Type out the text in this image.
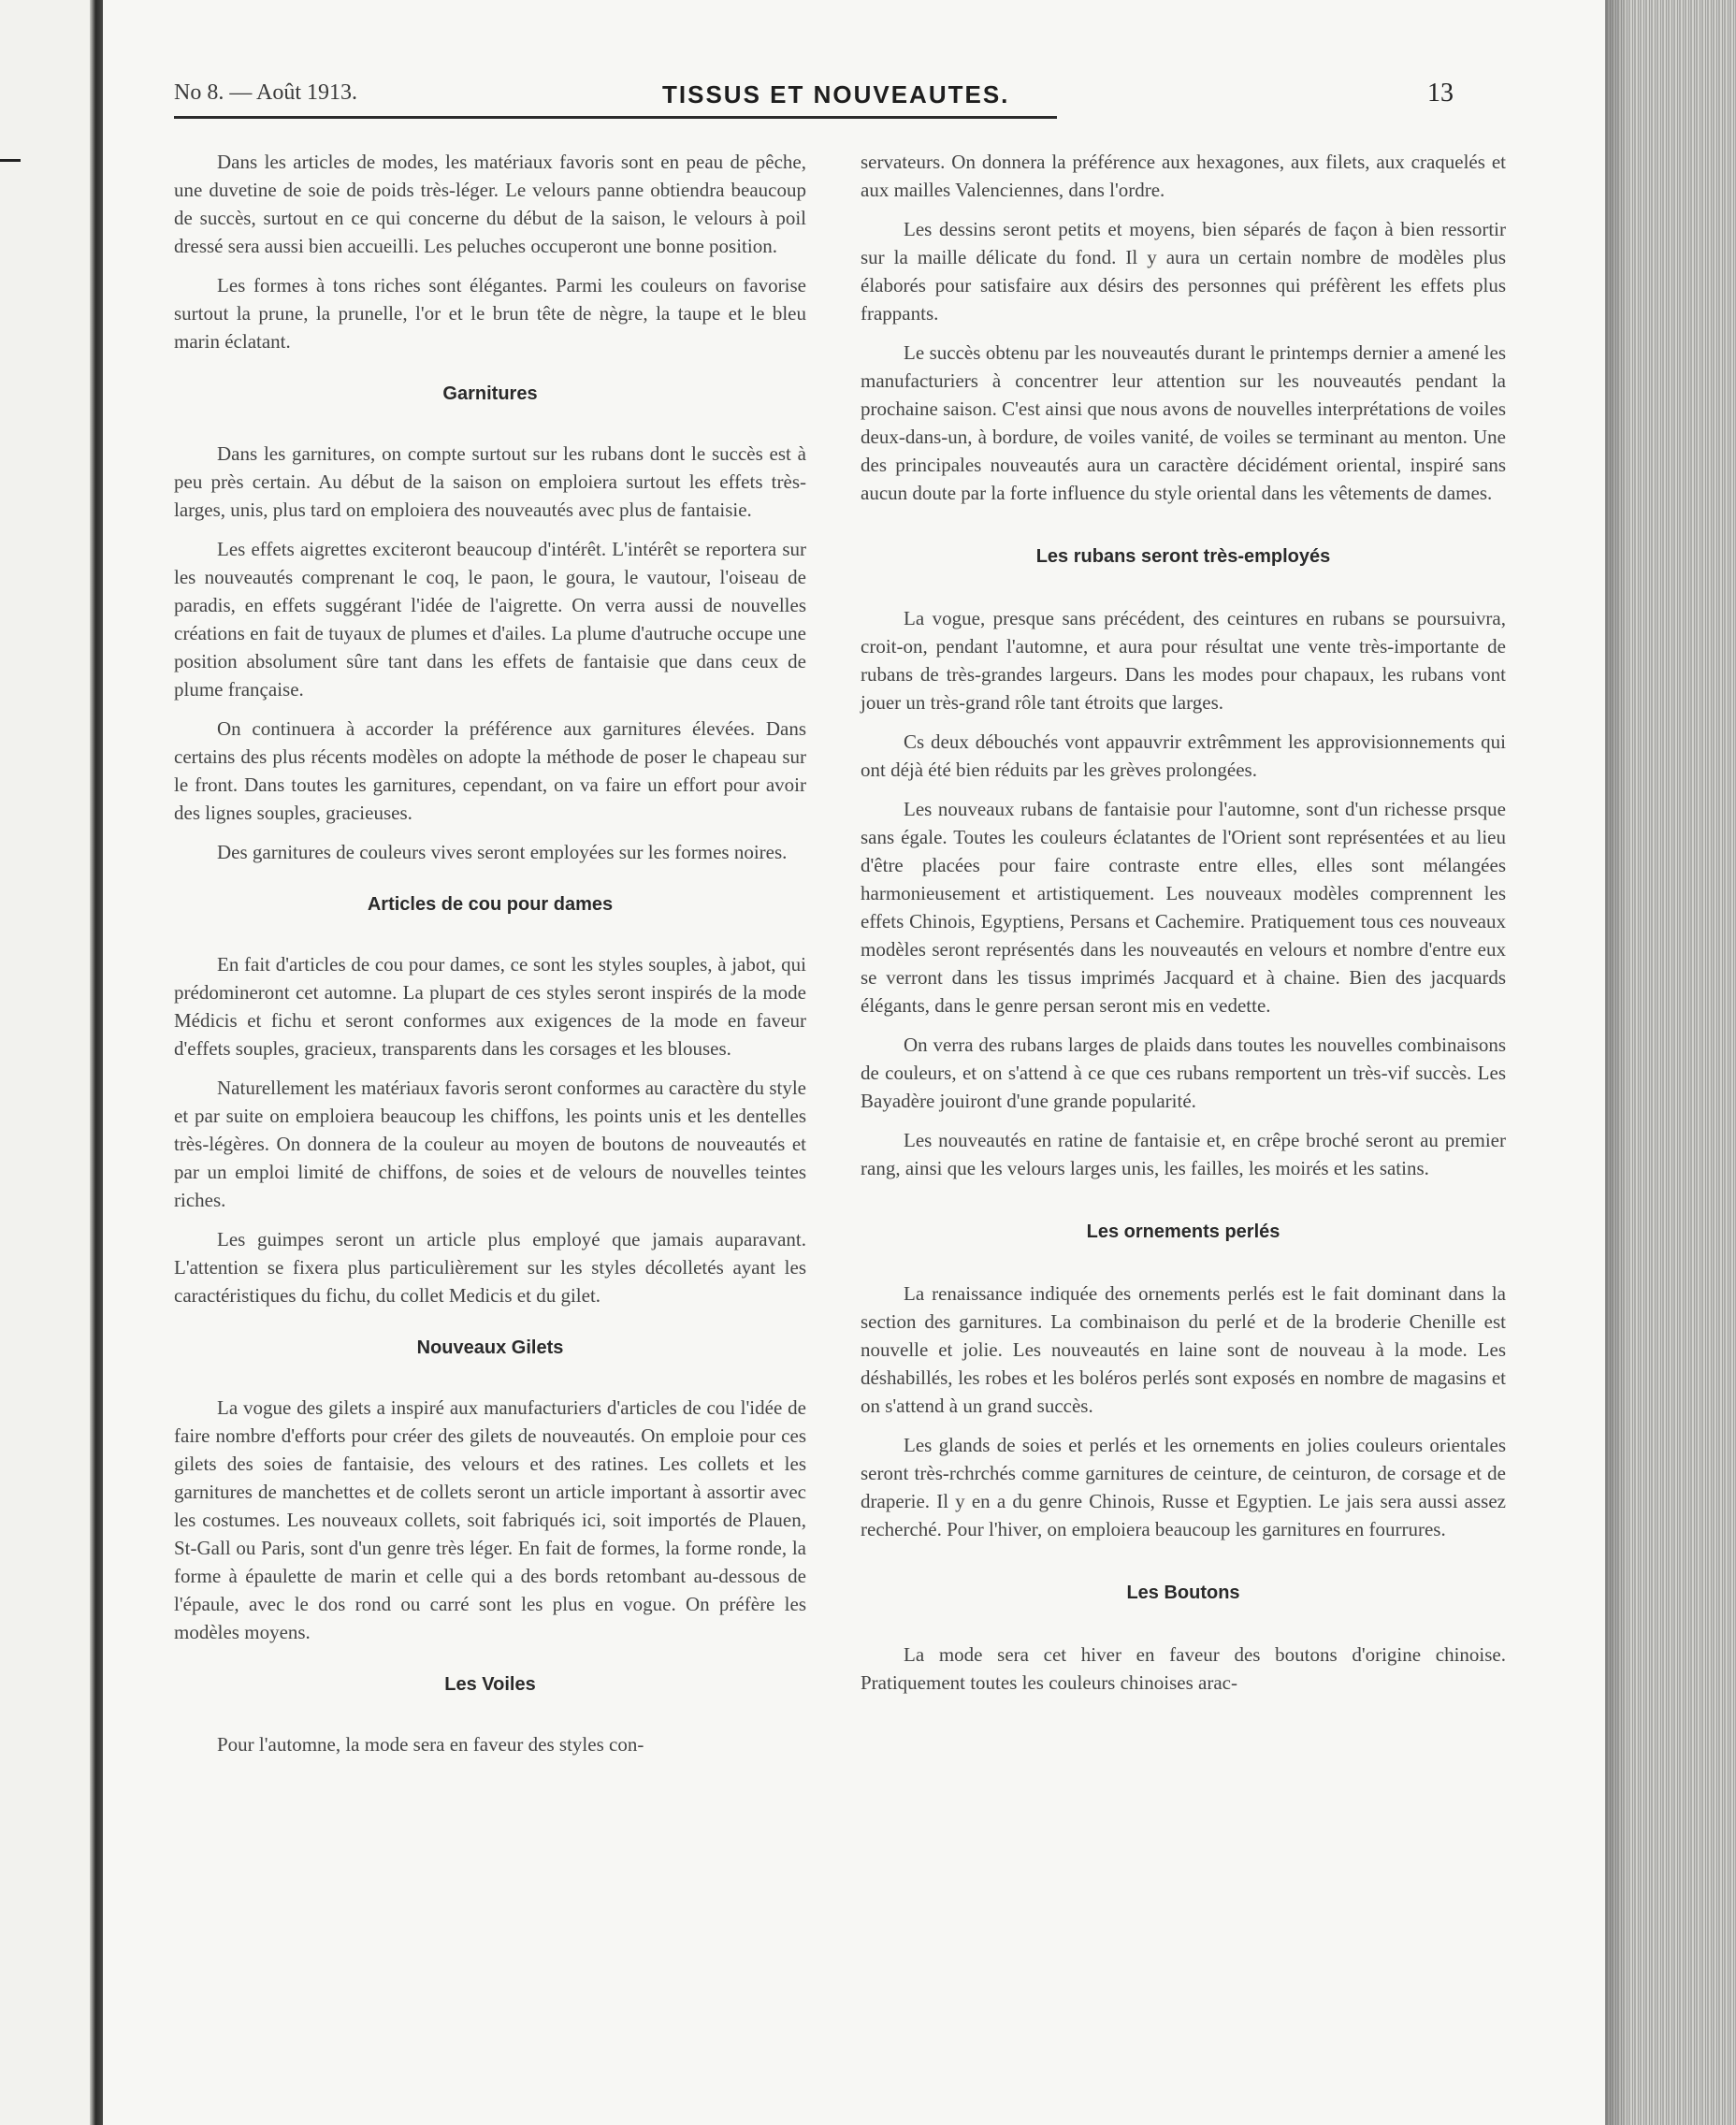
No 8. — Août 1913.	TISSUS ET NOUVEAUTES.	13

Dans les articles de modes, les matériaux favoris sont en peau de pêche, une duvetine de soie de poids très-léger. Le velours panne obtiendra beaucoup de succès, surtout en ce qui concerne du début de la saison, le velours à poil dressé sera aussi bien accueilli. Les peluches occuperont une bonne position.

Les formes à tons riches sont élégantes. Parmi les couleurs on favorise surtout la prune, la prunelle, l'or et le brun tête de nègre, la taupe et le bleu marin éclatant.

Garnitures

Dans les garnitures, on compte surtout sur les rubans dont le succès est à peu près certain. Au début de la saison on emploiera surtout les effets très-larges, unis, plus tard on emploiera des nouveautés avec plus de fantaisie.

Les effets aigrettes exciteront beaucoup d'intérêt. L'intérêt se reportera sur les nouveautés comprenant le coq, le paon, le goura, le vautour, l'oiseau de paradis, en effets suggérant l'idée de l'aigrette. On verra aussi de nouvelles créations en fait de tuyaux de plumes et d'ailes. La plume d'autruche occupe une position absolument sûre tant dans les effets de fantaisie que dans ceux de plume française.

On continuera à accorder la préférence aux garnitures élevées. Dans certains des plus récents modèles on adopte la méthode de poser le chapeau sur le front. Dans toutes les garnitures, cependant, on va faire un effort pour avoir des lignes souples, gracieuses.

Des garnitures de couleurs vives seront employées sur les formes noires.

Articles de cou pour dames

En fait d'articles de cou pour dames, ce sont les styles souples, à jabot, qui prédomineront cet automne. La plupart de ces styles seront inspirés de la mode Médicis et fichu et seront conformes aux exigences de la mode en faveur d'effets souples, gracieux, transparents dans les corsages et les blouses.

Naturellement les matériaux favoris seront conformes au caractère du style et par suite on emploiera beaucoup les chiffons, les points unis et les dentelles très-légères. On donnera de la couleur au moyen de boutons de nouveautés et par un emploi limité de chiffons, de soies et de velours de nouvelles teintes riches.

Les guimpes seront un article plus employé que jamais auparavant. L'attention se fixera plus particulièrement sur les styles décolletés ayant les caractéristiques du fichu, du collet Medicis et du gilet.

Nouveaux Gilets

La vogue des gilets a inspiré aux manufacturiers d'articles de cou l'idée de faire nombre d'efforts pour créer des gilets de nouveautés. On emploie pour ces gilets des soies de fantaisie, des velours et des ratines. Les collets et les garnitures de manchettes et de collets seront un article important à assortir avec les costumes. Les nouveaux collets, soit fabriqués ici, soit importés de Plauen, St-Gall ou Paris, sont d'un genre très léger. En fait de formes, la forme ronde, la forme à épaulette de marin et celle qui a des bords retombant au-dessous de l'épaule, avec le dos rond ou carré sont les plus en vogue. On préfère les modèles moyens.

Les Voiles

Pour l'automne, la mode sera en faveur des styles con-

servateurs. On donnera la préférence aux hexagones, aux filets, aux craquelés et aux mailles Valenciennes, dans l'ordre.

Les dessins seront petits et moyens, bien séparés de façon à bien ressortir sur la maille délicate du fond. Il y aura un certain nombre de modèles plus élaborés pour satisfaire aux désirs des personnes qui préfèrent les effets plus frappants.

Le succès obtenu par les nouveautés durant le printemps dernier a amené les manufacturiers à concentrer leur attention sur les nouveautés pendant la prochaine saison. C'est ainsi que nous avons de nouvelles interprétations de voiles deux-dans-un, à bordure, de voiles vanité, de voiles se terminant au menton. Une des principales nouveautés aura un caractère décidément oriental, inspiré sans aucun doute par la forte influence du style oriental dans les vêtements de dames.

Les rubans seront très-employés

La vogue, presque sans précédent, des ceintures en rubans se poursuivra, croit-on, pendant l'automne, et aura pour résultat une vente très-importante de rubans de très-grandes largeurs. Dans les modes pour chapaux, les rubans vont jouer un très-grand rôle tant étroits que larges.

Cs deux débouchés vont appauvrir extrêmment les approvisionnements qui ont déjà été bien réduits par les grèves prolongées.

Les nouveaux rubans de fantaisie pour l'automne, sont d'un richesse prsque sans égale. Toutes les couleurs éclatantes de l'Orient sont représentées et au lieu d'être placées pour faire contraste entre elles, elles sont mélangées harmonieusement et artistiquement. Les nouveaux modèles comprennent les effets Chinois, Egyptiens, Persans et Cachemire. Pratiquement tous ces nouveaux modèles seront représentés dans les nouveautés en velours et nombre d'entre eux se verront dans les tissus imprimés Jacquard et à chaine. Bien des jacquards élégants, dans le genre persan seront mis en vedette.

On verra des rubans larges de plaids dans toutes les nouvelles combinaisons de couleurs, et on s'attend à ce que ces rubans remportent un très-vif succès. Les Bayadère jouiront d'une grande popularité.

Les nouveautés en ratine de fantaisie et, en crêpe broché seront au premier rang, ainsi que les velours larges unis, les failles, les moirés et les satins.

Les ornements perlés

La renaissance indiquée des ornements perlés est le fait dominant dans la section des garnitures. La combinaison du perlé et de la broderie Chenille est nouvelle et jolie. Les nouveautés en laine sont de nouveau à la mode. Les déshabillés, les robes et les boléros perlés sont exposés en nombre de magasins et on s'attend à un grand succès.

Les glands de soies et perlés et les ornements en jolies couleurs orientales seront très-rchrchés comme garnitures de ceinture, de ceinturon, de corsage et de draperie. Il y en a du genre Chinois, Russe et Egyptien. Le jais sera aussi assez recherché. Pour l'hiver, on emploiera beaucoup les garnitures en fourrures.

Les Boutons

La mode sera cet hiver en faveur des boutons d'origine chinoise. Pratiquement toutes les couleurs chinoises arac-
